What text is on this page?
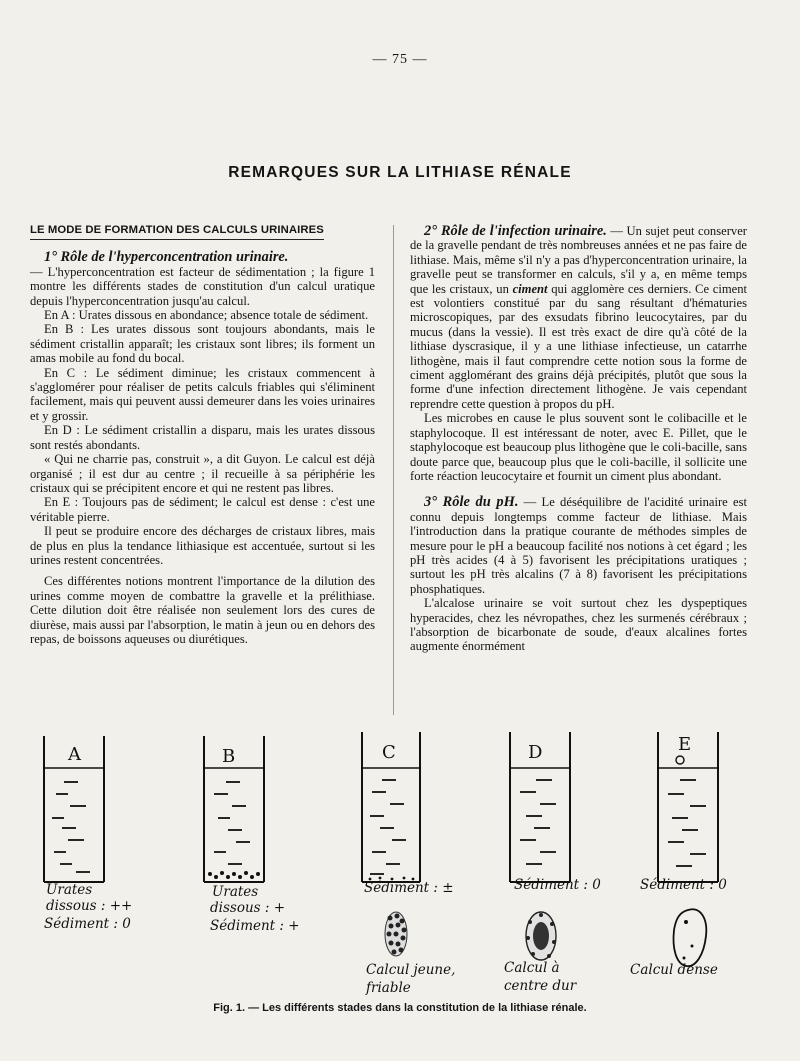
— 75 —
REMARQUES SUR LA LITHIASE RÉNALE
LE MODE DE FORMATION DES CALCULS URINAIRES
1° Rôle de l'hyperconcentration urinaire.

— L'hyperconcentration est facteur de sédimentation ; la figure 1 montre les différents stades de constitution d'un calcul uratique depuis l'hyperconcentration jusqu'au calcul.

En A : Urates dissous en abondance; absence totale de sédiment.

En B : Les urates dissous sont toujours abondants, mais le sédiment cristallin apparaît; les cristaux sont libres; ils forment un amas mobile au fond du bocal.

En C : Le sédiment diminue; les cristaux commencent à s'agglomérer pour réaliser de petits calculs friables qui s'éliminent facilement, mais qui peuvent aussi demeurer dans les voies urinaires et y grossir.

En D : Le sédiment cristallin a disparu, mais les urates dissous sont restés abondants.

« Qui ne charrie pas, construit », a dit Guyon. Le calcul est déjà organisé ; il est dur au centre ; il recueille à sa périphérie les cristaux qui se précipitent encore et qui ne restent pas libres.

En E : Toujours pas de sédiment; le calcul est dense : c'est une véritable pierre.

Il peut se produire encore des décharges de cristaux libres, mais de plus en plus la tendance lithiasique est accentuée, surtout si les urines restent concentrées.

Ces différentes notions montrent l'importance de la dilution des urines comme moyen de combattre la gravelle et la prélithiase. Cette dilution doit être réalisée non seulement lors des cures de diurèse, mais aussi par l'absorption, le matin à jeun ou en dehors des repas, de boissons aqueuses ou diurétiques.

2° Rôle de l'infection urinaire. — Un sujet peut conserver de la gravelle pendant de très nombreuses années et ne pas faire de lithiase. Mais, même s'il n'y a pas d'hyperconcentration urinaire, la gravelle peut se transformer en calculs, s'il y a, en même temps que les cristaux, un ciment qui agglomère ces derniers. Ce ciment est volontiers constitué par du sang résultant d'hématuries microscopiques, par des exsudats fibrino leucocytaires, par du mucus (dans la vessie). Il est très exact de dire qu'à côté de la lithiase dyscrasique, il y a une lithiase infectieuse, un catarrhe lithogène, mais il faut comprendre cette notion sous la forme de ciment agglomérant des grains déjà précipités, plutôt que sous la forme d'une infection directement lithogène. Je vais cependant reprendre cette question à propos du pH.

Les microbes en cause le plus souvent sont le colibacille et le staphylocoque. Il est intéressant de noter, avec E. Pillet, que le staphylocoque est beaucoup plus lithogène que le coli-bacille, sans doute parce que, beaucoup plus que le coli-bacille, il sollicite une forte réaction leucocytaire et fournit un ciment plus abondant.

3° Rôle du pH. — Le déséquilibre de l'acidité urinaire est connu depuis longtemps comme facteur de lithiase. Mais l'introduction dans la pratique courante de méthodes simples de mesure pour le pH a beaucoup facilité nos notions à cet égard ; les pH très acides (4 à 5) favorisent les précipitations uratiques ; surtout les pH très alcalins (7 à 8) favorisent les précipitations phosphatiques.

L'alcalose urinaire se voit surtout chez les dyspeptiques hyperacides, chez les névropathes, chez les surmenés cérébraux ; l'absorption de bicarbonate de soude, d'eaux alcalines fortes augmente énormément

A	B	C	D	E
Urates
dissous : ++
Sédiment : 0
Urates
dissous : +
Sédiment : +
Sédiment : ±	Sédiment : 0	Sédiment : 0
Calcul jeune,
friable
Calcul à
centre dur
Calcul dense
Fig. 1. — Les différents stades dans la constitution de la lithiase rénale.
